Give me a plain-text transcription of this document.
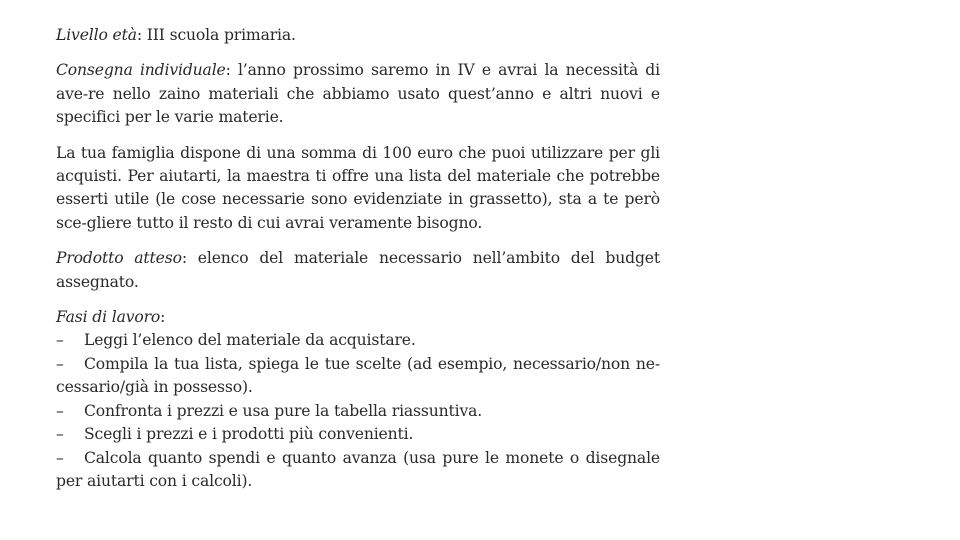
Livello età: III scuola primaria.

Consegna individuale: l’anno prossimo saremo in IV e avrai la necessità di ave-re nello zaino materiali che abbiamo usato quest’anno e altri nuovi e specifici per le varie materie.

La tua famiglia dispone di una somma di 100 euro che puoi utilizzare per gli acquisti. Per aiutarti, la maestra ti offre una lista del materiale che potrebbe esserti utile (le cose necessarie sono evidenziate in grassetto), sta a te però sce-gliere tutto il resto di cui avrai veramente bisogno.

Prodotto atteso: elenco del materiale necessario nell’ambito del budget assegnato.

Fasi di lavoro:
– Leggi l’elenco del materiale da acquistare.
– Compila la tua lista, spiega le tue scelte (ad esempio, necessario/non ne-cessario/già in possesso).
– Confronta i prezzi e usa pure la tabella riassuntiva.
– Scegli i prezzi e i prodotti più convenienti.
– Calcola quanto spendi e quanto avanza (usa pure le monete o disegnale per aiutarti con i calcoli).
